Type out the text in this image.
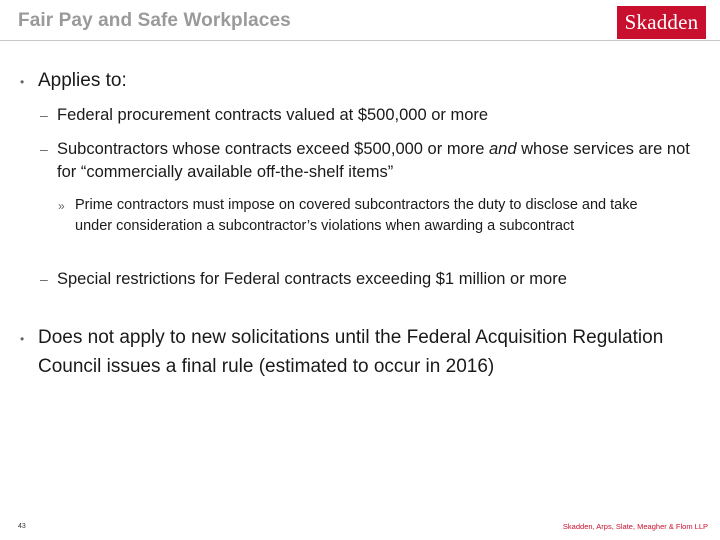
Fair Pay and Safe Workplaces	Skadden
• Applies to:
– Federal procurement contracts valued at $500,000 or more
– Subcontractors whose contracts exceed $500,000 or more and whose services are not for “commercially available off-the-shelf items”
» Prime contractors must impose on covered subcontractors the duty to disclose and take under consideration a subcontractor’s violations when awarding a subcontract
– Special restrictions for Federal contracts exceeding $1 million or more
• Does not apply to new solicitations until the Federal Acquisition Regulation Council issues a final rule (estimated to occur in 2016)
43	Skadden, Arps, Slate, Meagher & Flom LLP
